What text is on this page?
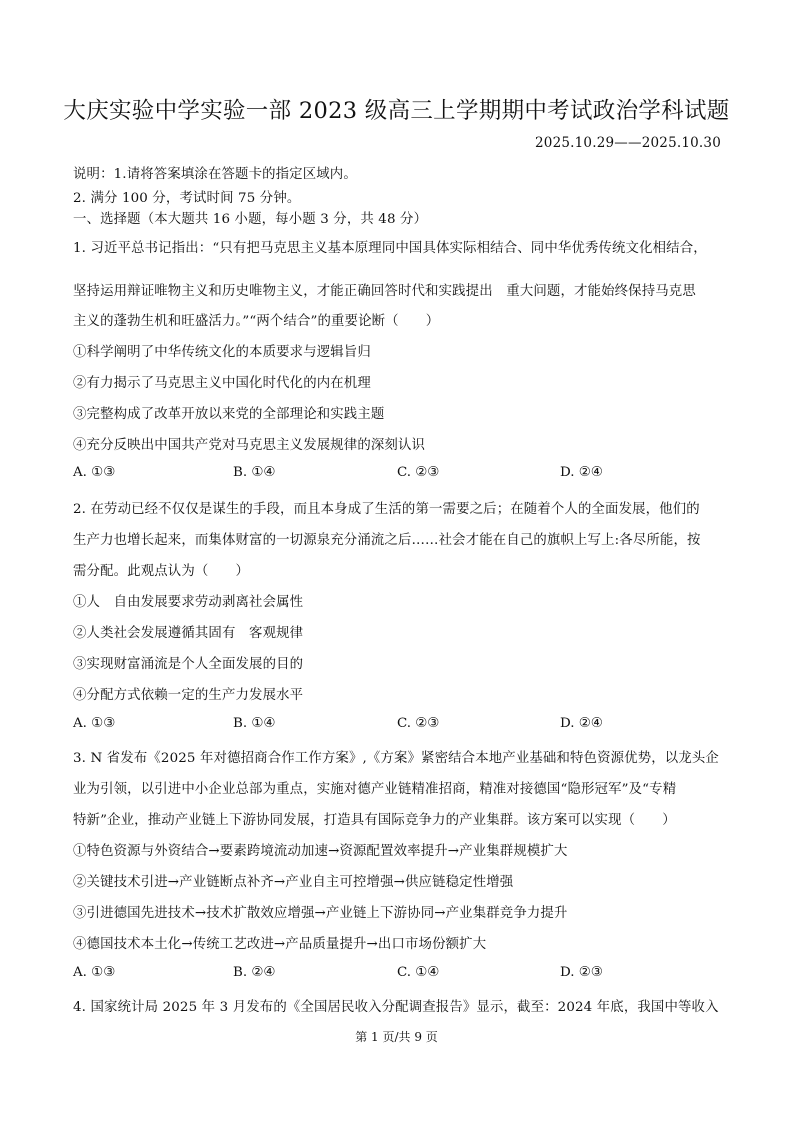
大庆实验中学实验一部 2023 级高三上学期期中考试政治学科试题
2025.10.29——2025.10.30
说明：1.请将答案填涂在答题卡的指定区域内。
2. 满分 100 分，考试时间 75 分钟。
一、选择题（本大题共 16 小题，每小题 3 分，共 48 分）
1. 习近平总书记指出：“只有把马克思主义基本原理同中国具体实际相结合、同中华优秀传统文化相结合，
坚持运用辩证唯物主义和历史唯物主义，才能正确回答时代和实践提出　重大问题，才能始终保持马克思
主义的蓬勃生机和旺盛活力。”“两个结合”的重要论断（　　）
①科学阐明了中华传统文化的本质要求与逻辑旨归
②有力揭示了马克思主义中国化时代化的内在机理
③完整构成了改革开放以来党的全部理论和实践主题
④充分反映出中国共产党对马克思主义发展规律的深刻认识
A. ①③	B. ①④	C. ②③	D. ②④
2. 在劳动已经不仅仅是谋生的手段，而且本身成了生活的第一需要之后；在随着个人的全面发展，他们的
生产力也增长起来，而集体财富的一切源泉充分涌流之后……社会才能在自己的旗帜上写上:各尽所能，按
需分配。此观点认为（　　）
①人　自由发展要求劳动剥离社会属性
②人类社会发展遵循其固有　客观规律
③实现财富涌流是个人全面发展的目的
④分配方式依赖一定的生产力发展水平
A. ①③	B. ①④	C. ②③	D. ②④
3. N 省发布《2025 年对德招商合作工作方案》,《方案》紧密结合本地产业基础和特色资源优势，以龙头企
业为引领，以引进中小企业总部为重点，实施对德产业链精准招商，精准对接德国“隐形冠军”及“专精
特新”企业，推动产业链上下游协同发展，打造具有国际竞争力的产业集群。该方案可以实现（　　）
①特色资源与外资结合→要素跨境流动加速→资源配置效率提升→产业集群规模扩大
②关键技术引进→产业链断点补齐→产业自主可控增强→供应链稳定性增强
③引进德国先进技术→技术扩散效应增强→产业链上下游协同→产业集群竞争力提升
④德国技术本土化→传统工艺改进→产品质量提升→出口市场份额扩大
A. ①③	B. ②④	C. ①④	D. ②③
4. 国家统计局 2025 年 3 月发布的《全国居民收入分配调查报告》显示，截至：2024 年底，我国中等收入
第 1 页/共 9 页
